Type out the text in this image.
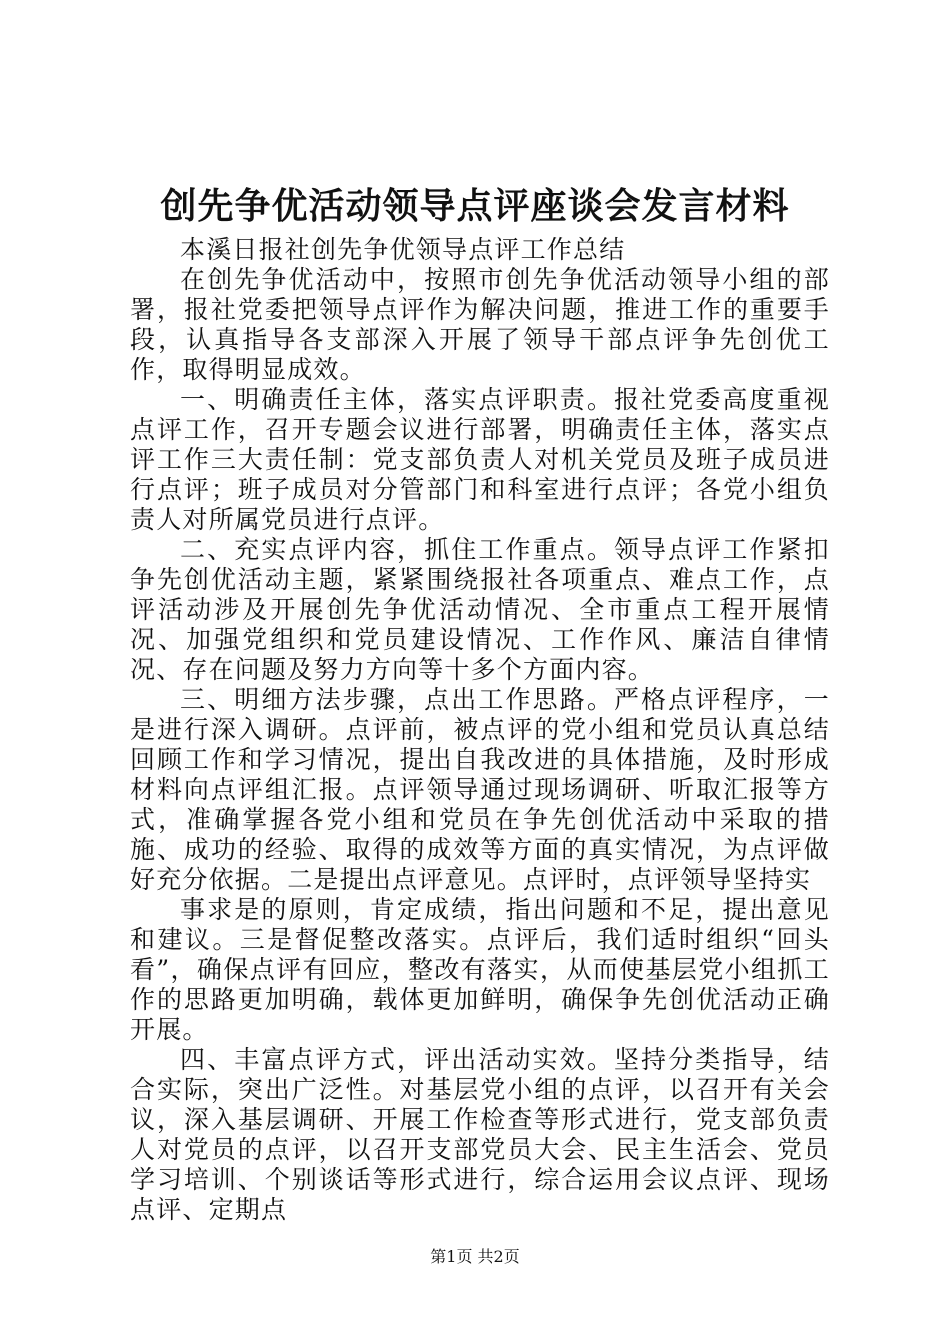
创先争优活动领导点评座谈会发言材料

本溪日报社创先争优领导点评工作总结

在创先争优活动中，按照市创先争优活动领导小组的部署，报社党委把领导点评作为解决问题，推进工作的重要手段，认真指导各支部深入开展了领导干部点评争先创优工作，取得明显成效。

一、明确责任主体，落实点评职责。报社党委高度重视点评工作，召开专题会议进行部署，明确责任主体，落实点评工作三大责任制：党支部负责人对机关党员及班子成员进行点评；班子成员对分管部门和科室进行点评；各党小组负责人对所属党员进行点评。

二、充实点评内容，抓住工作重点。领导点评工作紧扣争先创优活动主题，紧紧围绕报社各项重点、难点工作，点评活动涉及开展创先争优活动情况、全市重点工程开展情况、加强党组织和党员建设情况、工作作风、廉洁自律情况、存在问题及努力方向等十多个方面内容。

三、明细方法步骤，点出工作思路。严格点评程序，一是进行深入调研。点评前，被点评的党小组和党员认真总结回顾工作和学习情况，提出自我改进的具体措施，及时形成材料向点评组汇报。点评领导通过现场调研、听取汇报等方式，准确掌握各党小组和党员在争先创优活动中采取的措施、成功的经验、取得的成效等方面的真实情况，为点评做好充分依据。二是提出点评意见。点评时，点评领导坚持实

事求是的原则，肯定成绩，指出问题和不足，提出意见和建议。三是督促整改落实。点评后，我们适时组织“回头看”，确保点评有回应，整改有落实，从而使基层党小组抓工作的思路更加明确，载体更加鲜明，确保争先创优活动正确开展。

四、丰富点评方式，评出活动实效。坚持分类指导，结合实际，突出广泛性。对基层党小组的点评，以召开有关会议，深入基层调研、开展工作检查等形式进行，党支部负责人对党员的点评，以召开支部党员大会、民主生活会、党员学习培训、个别谈话等形式进行，综合运用会议点评、现场点评、定期点

第1页 共2页
